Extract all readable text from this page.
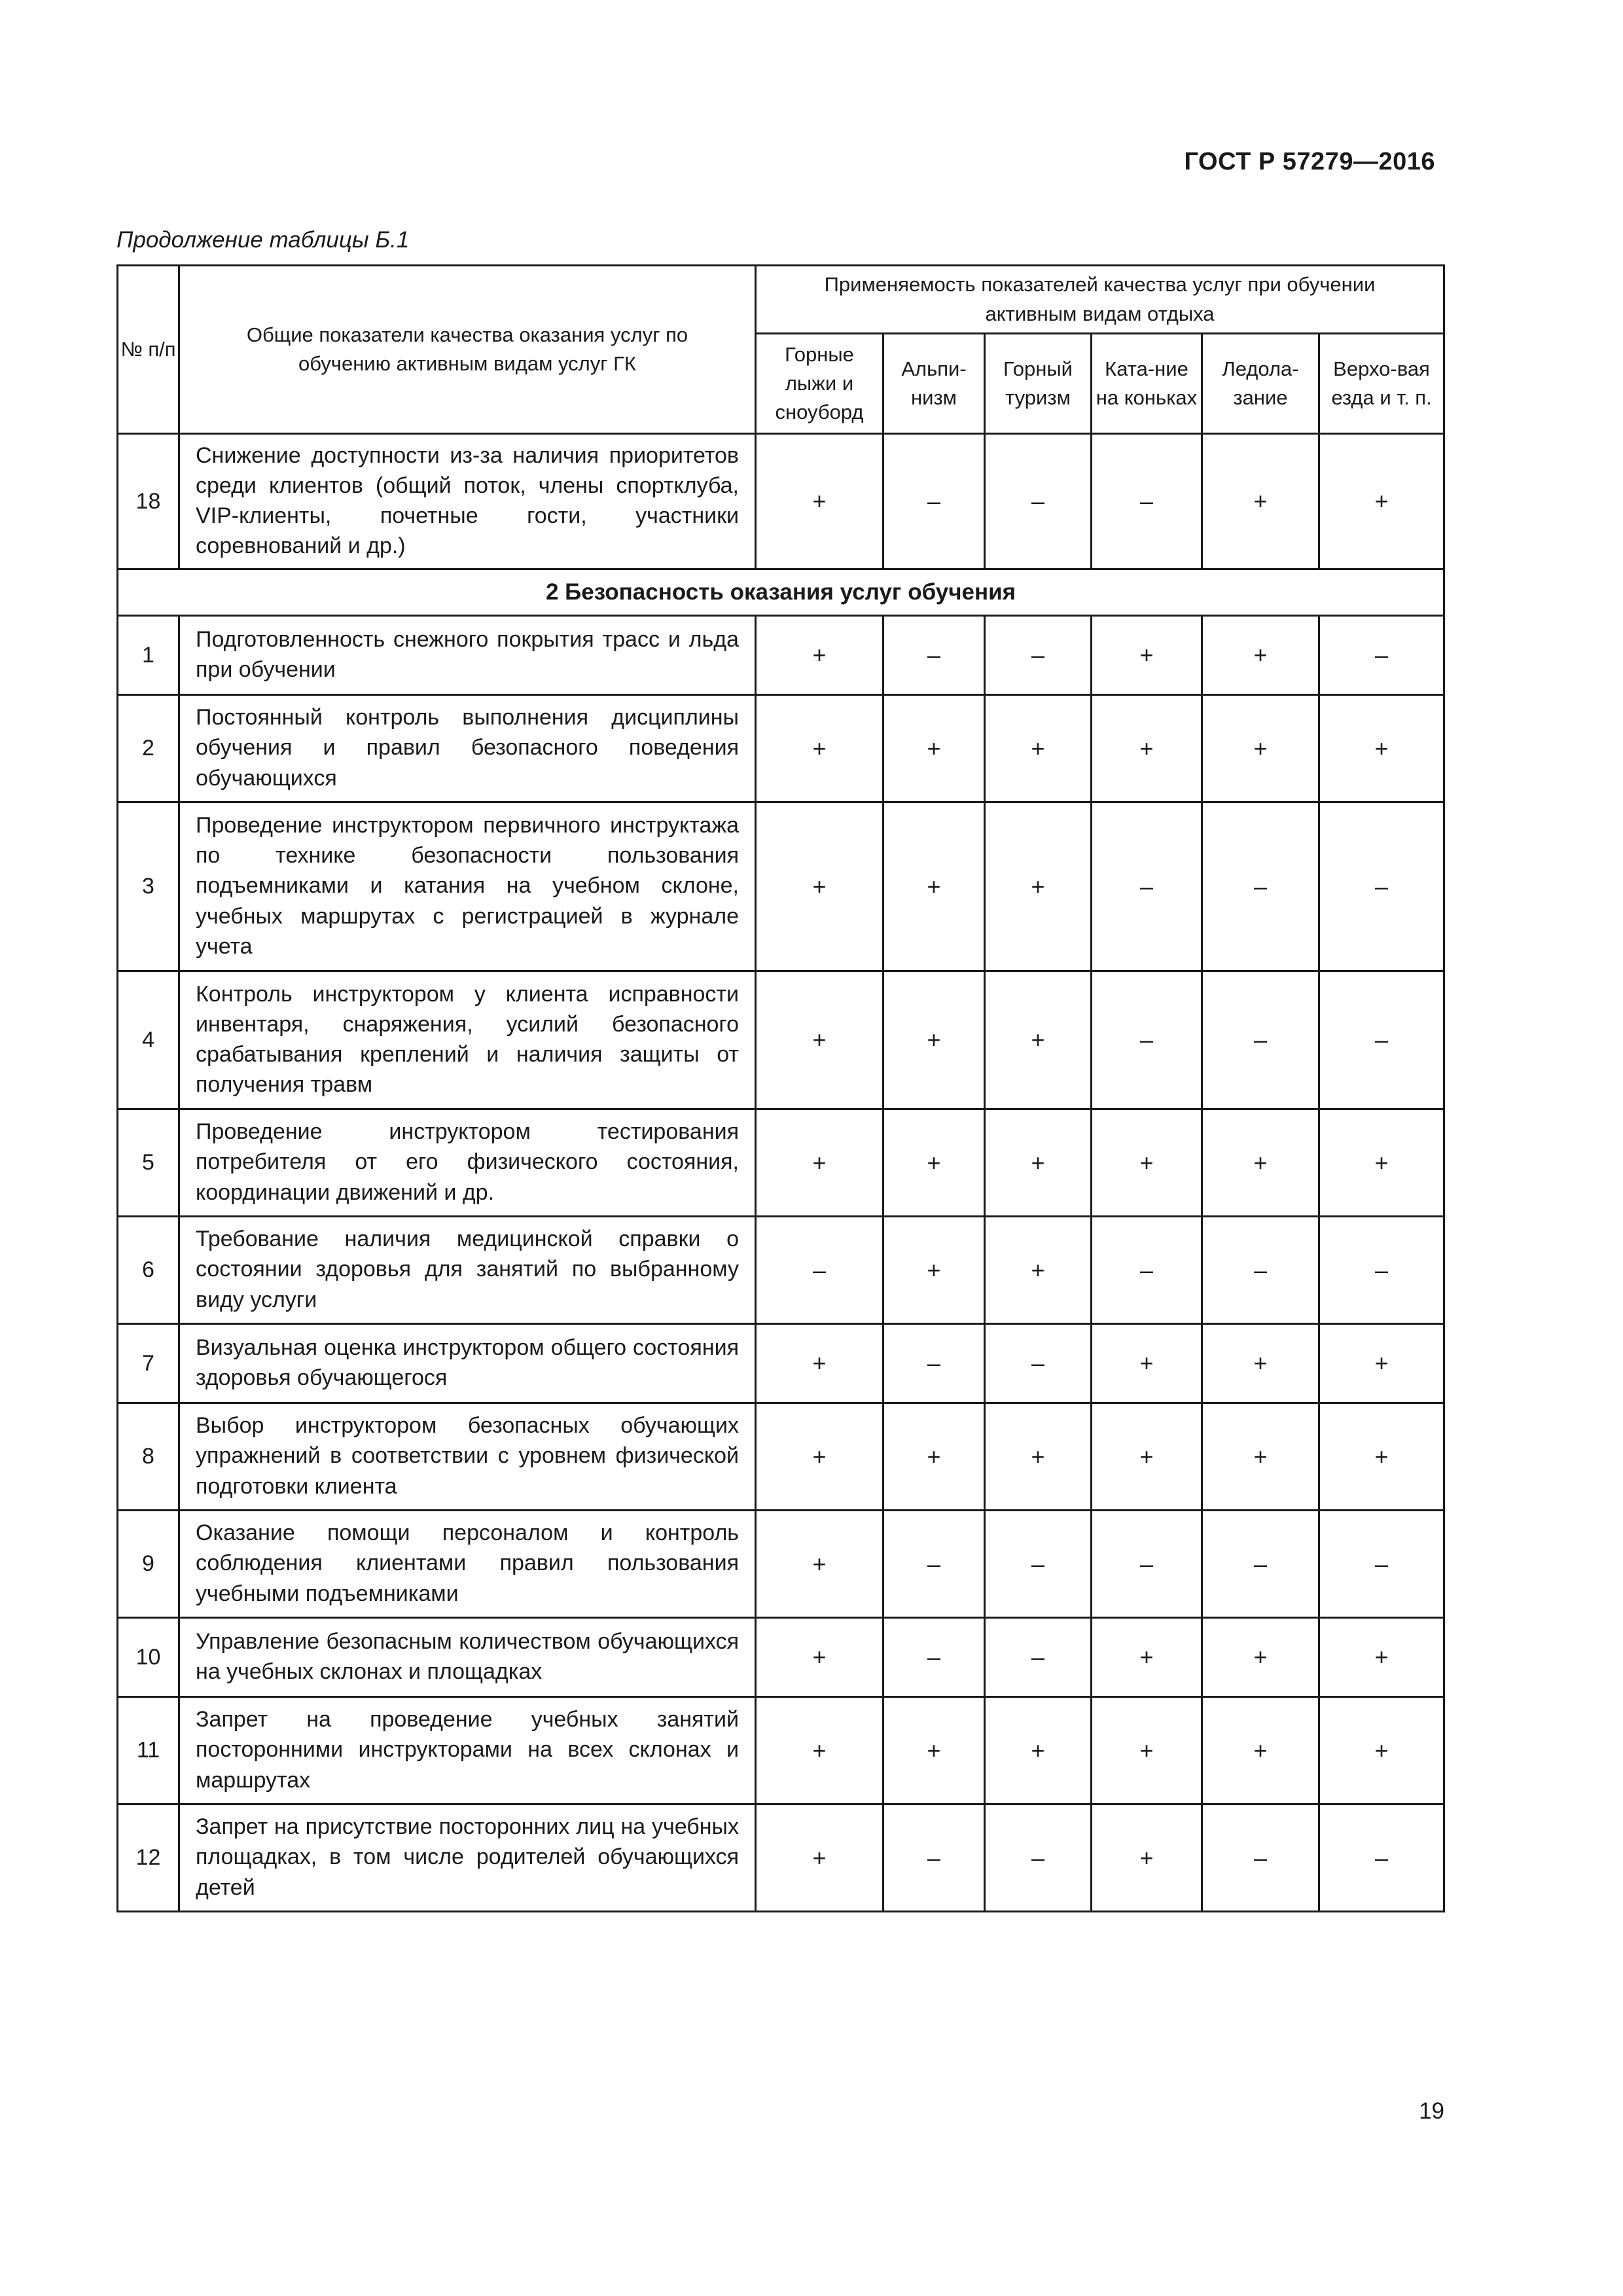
ГОСТ Р 57279—2016
Продолжение таблицы Б.1
№ п/п	Общие показатели качества оказания услуг по обучению активным видам услуг ГК	Применяемость показателей качества услуг при обучении активным видам отдыха					
		Горные лыжи и сноуборд	Альпи-низм	Горный туризм	Ката-ние на коньках	Ледола-зание	Верхо-вая езда и т. п.
18	Снижение доступности из-за наличия приоритетов среди клиентов (общий поток, члены спортклуба, VIP-клиенты, почетные гости, участники соревнований и др.)	+	–	–	–	+	+
2 Безопасность оказания услуг обучения							
1	Подготовленность снежного покрытия трасс и льда при обучении	+	–	–	+	+	–
2	Постоянный контроль выполнения дисциплины обучения и правил безопасного поведения обучающихся	+	+	+	+	+	+
3	Проведение инструктором первичного инструктажа по технике безопасности пользования подъемниками и катания на учебном склоне, учебных маршрутах с регистрацией в журнале учета	+	+	+	–	–	–
4	Контроль инструктором у клиента исправности инвентаря, снаряжения, усилий безопасного срабатывания креплений и наличия защиты от получения травм	+	+	+	–	–	–
5	Проведение инструктором тестирования потребителя от его физического состояния, координации движений и др.	+	+	+	+	+	+
6	Требование наличия медицинской справки о состоянии здоровья для занятий по выбранному виду услуги	–	+	+	–	–	–
7	Визуальная оценка инструктором общего состояния здоровья обучающегося	+	–	–	+	+	+
8	Выбор инструктором безопасных обучающих упражнений в соответствии с уровнем физической подготовки клиента	+	+	+	+	+	+
9	Оказание помощи персоналом и контроль соблюдения клиентами правил пользования учебными подъемниками	+	–	–	–	–	–
10	Управление безопасным количеством обучающихся на учебных склонах и площадках	+	–	–	+	+	+
11	Запрет на проведение учебных занятий посторонними инструкторами на всех склонах и маршрутах	+	+	+	+	+	+
12	Запрет на присутствие посторонних лиц на учебных площадках, в том числе родителей обучающихся детей	+	–	–	+	–	–
19
